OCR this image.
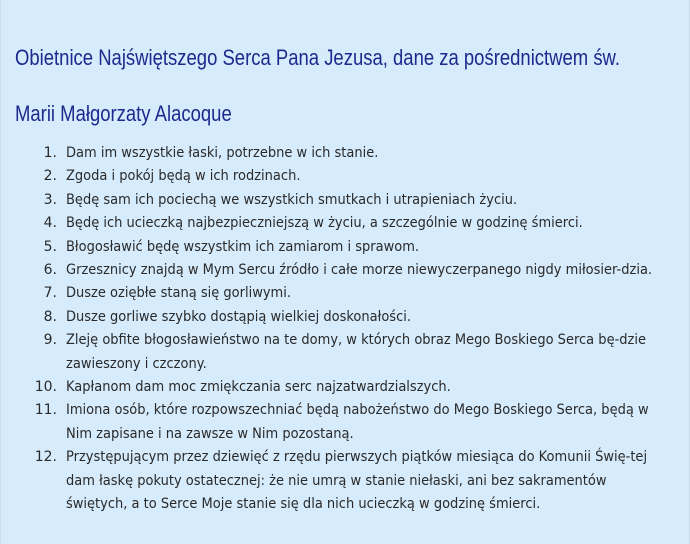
Obietnice Najświętszego Serca Pana Jezusa, dane za pośrednictwem św.
Marii Małgorzaty Alacoque
1. Dam im wszystkie łaski, potrzebne w ich stanie.
2. Zgoda i pokój będą w ich rodzinach.
3. Będę sam ich pociechą we wszystkich smutkach i utrapieniach życiu.
4. Będę ich ucieczką najbezpieczniejszą w życiu, a szczególnie w godzinę śmierci.
5. Błogosławić będę wszystkim ich zamiarom i sprawom.
6. Grzesznicy znajdą w Mym Sercu źródło i całe morze niewyczerpanego nigdy miłosier-dzia.
7. Dusze oziębłe staną się gorliwymi.
8. Dusze gorliwe szybko dostąpią wielkiej doskonałości.
9. Zleję obfite błogosławieństwo na te domy, w których obraz Mego Boskiego Serca bę-dzie zawieszony i czczony.
10. Kapłanom dam moc zmiękczania serc najzatwardzialszych.
11. Imiona osób, które rozpowszechniać będą nabożeństwo do Mego Boskiego Serca, będą w Nim zapisane i na zawsze w Nim pozostaną.
12. Przystępującym przez dziewięć z rzędu pierwszych piątków miesiąca do Komunii Świę-tej dam łaskę pokuty ostatecznej: że nie umrą w stanie niełaski, ani bez sakramentów świętych, a to Serce Moje stanie się dla nich ucieczką w godzinę śmierci.
